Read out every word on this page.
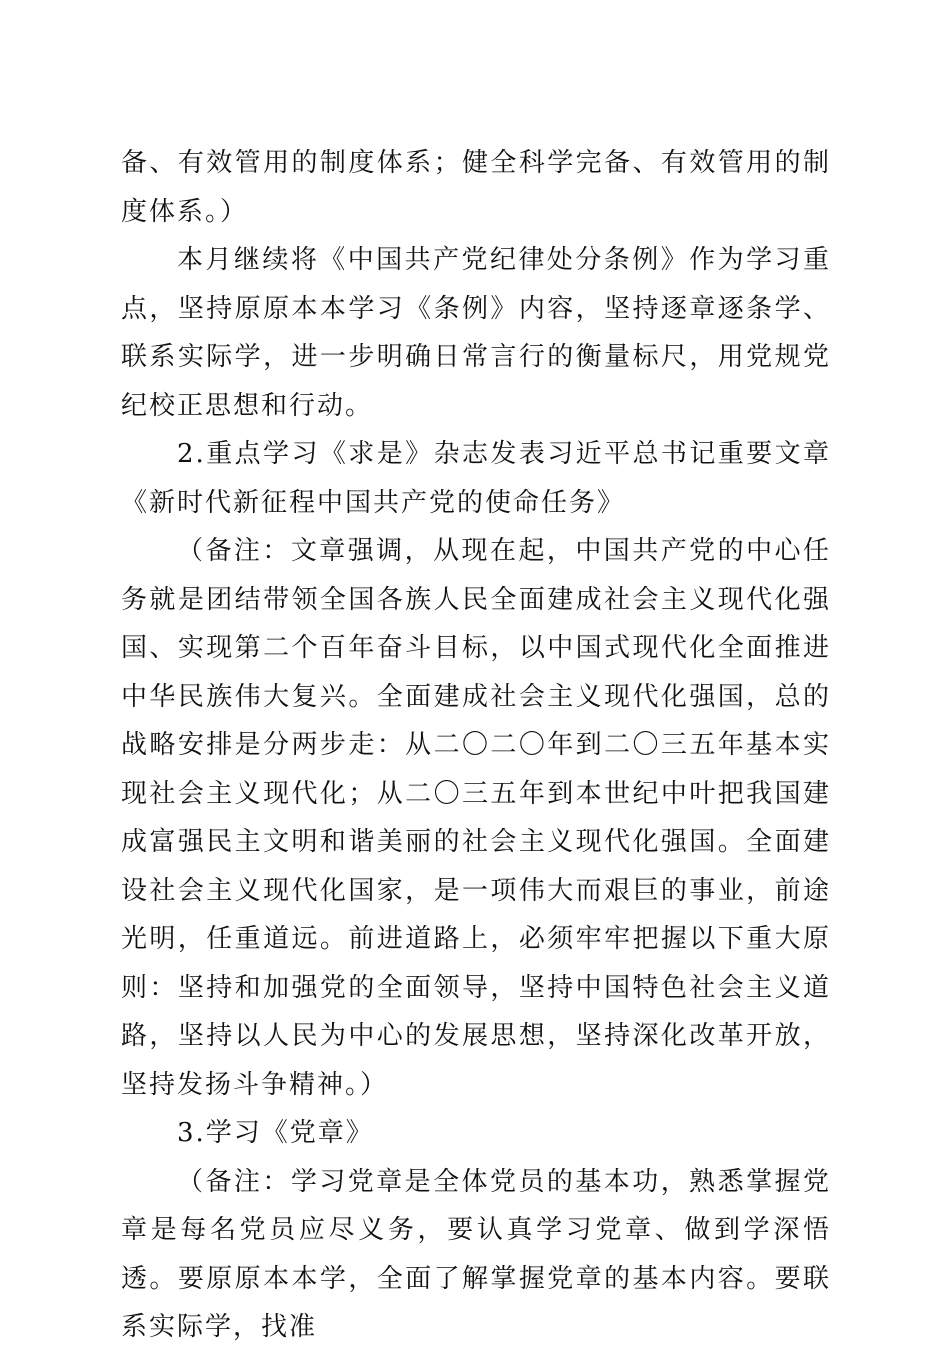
备、有效管用的制度体系；健全科学完备、有效管用的制度体系。）

本月继续将《中国共产党纪律处分条例》作为学习重点，坚持原原本本学习《条例》内容，坚持逐章逐条学、联系实际学，进一步明确日常言行的衡量标尺，用党规党纪校正思想和行动。

2.重点学习《求是》杂志发表习近平总书记重要文章《新时代新征程中国共产党的使命任务》

（备注：文章强调，从现在起，中国共产党的中心任务就是团结带领全国各族人民全面建成社会主义现代化强国、实现第二个百年奋斗目标，以中国式现代化全面推进中华民族伟大复兴。全面建成社会主义现代化强国，总的战略安排是分两步走：从二〇二〇年到二〇三五年基本实现社会主义现代化；从二〇三五年到本世纪中叶把我国建成富强民主文明和谐美丽的社会主义现代化强国。全面建设社会主义现代化国家，是一项伟大而艰巨的事业，前途光明，任重道远。前进道路上，必须牢牢把握以下重大原则：坚持和加强党的全面领导，坚持中国特色社会主义道路，坚持以人民为中心的发展思想，坚持深化改革开放，坚持发扬斗争精神。）

3.学习《党章》

（备注：学习党章是全体党员的基本功，熟悉掌握党章是每名党员应尽义务，要认真学习党章、做到学深悟透。要原原本本学，全面了解掌握党章的基本内容。要联系实际学，找准
